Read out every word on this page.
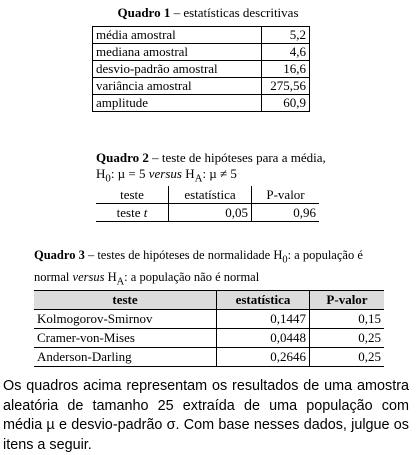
Quadro 1 – estatísticas descritivas
média amostral	5,2
mediana amostral	4,6
desvio-padrão amostral	16,6
variância amostral	275,56
amplitude	60,9
Quadro 2 – teste de hipóteses para a média, $H_0$: µ = 5 versus $H_A$: µ ≠ 5
teste	estatística	P-valor
teste t	0,05	0,96
Quadro 3 – testes de hipóteses de normalidade $H_0$: a população é normal versus $H_A$: a população não é normal
teste	estatística	P-valor
Kolmogorov-Smirnov	0,1447	0,15
Cramer-von-Mises	0,0448	0,25
Anderson-Darling	0,2646	0,25

Os quadros acima representam os resultados de uma amostra aleatória de tamanho 25 extraída de uma população com média µ e desvio-padrão σ. Com base nesses dados, julgue os itens a seguir.
